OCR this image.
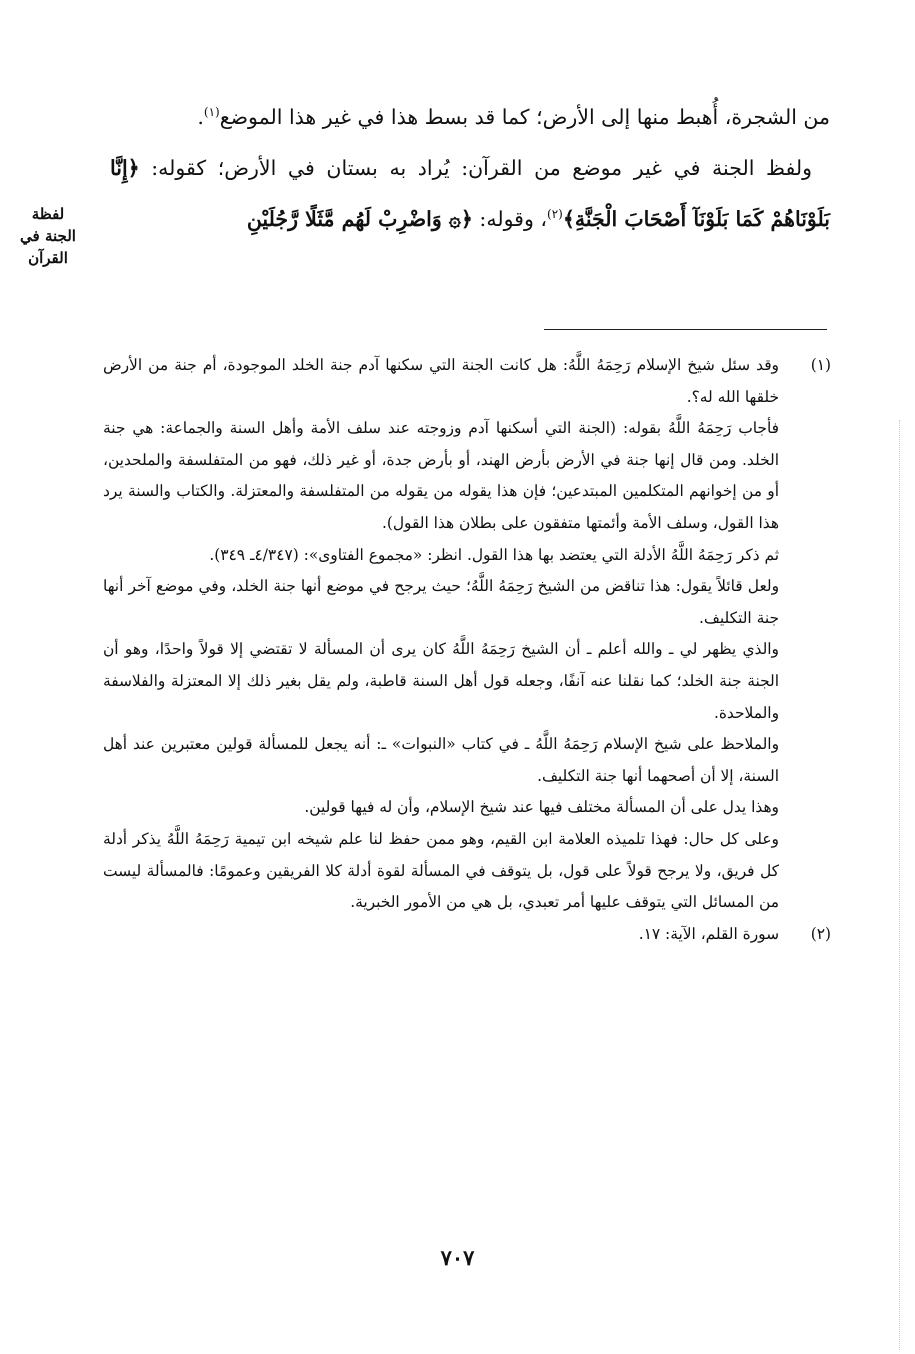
لفظة
الجنة في القرآن

من الشجرة، أُهبط منها إلى الأرض؛ كما قد بسط هذا في غير هذا الموضع$^{(١)}$.

ولفظ الجنة في غير موضع من القرآن: يُراد به بستان في الأرض؛ كقوله: ﴿إِنَّا بَلَوْنَاهُمْ كَمَا بَلَوْنَآ أَصْحَابَ الْجَنَّةِ﴾$^{(٢)}$، وقوله: ﴿۞ وَاضْرِبْ لَهُم مَّثَلًا رَّجُلَيْنِ

(١)

وقد سئل شيخ الإسلام رَحِمَهُ اللَّهُ: هل كانت الجنة التي سكنها آدم جنة الخلد الموجودة، أم جنة من الأرض خلقها الله له؟.

فأجاب رَحِمَهُ اللَّهُ بقوله: (الجنة التي أسكنها آدم وزوجته عند سلف الأمة وأهل السنة والجماعة: هي جنة الخلد. ومن قال إنها جنة في الأرض بأرض الهند، أو بأرض جدة، أو غير ذلك، فهو من المتفلسفة والملحدين، أو من إخوانهم المتكلمين المبتدعين؛ فإن هذا يقوله من يقوله من المتفلسفة والمعتزلة. والكتاب والسنة يرد هذا القول، وسلف الأمة وأئمتها متفقون على بطلان هذا القول).

ثم ذكر رَحِمَهُ اللَّهُ الأدلة التي يعتضد بها هذا القول. انظر: «مجموع الفتاوى»: (٤/٣٤٧ـ ٣٤٩).

ولعل قائلاً يقول: هذا تناقض من الشيخ رَحِمَهُ اللَّهُ؛ حيث يرجح في موضع أنها جنة الخلد، وفي موضع آخر أنها جنة التكليف.

والذي يظهر لي ـ والله أعلم ـ أن الشيخ رَحِمَهُ اللَّهُ كان يرى أن المسألة لا تقتضي إلا قولاً واحدًا، وهو أن الجنة جنة الخلد؛ كما نقلنا عنه آنفًا، وجعله قول أهل السنة قاطبة، ولم يقل بغير ذلك إلا المعتزلة والفلاسفة والملاحدة.

والملاحظ على شيخ الإسلام رَحِمَهُ اللَّهُ ـ في كتاب «النبوات» ـ: أنه يجعل للمسألة قولين معتبرين عند أهل السنة، إلا أن أصحهما أنها جنة التكليف.

وهذا يدل على أن المسألة مختلف فيها عند شيخ الإسلام، وأن له فيها قولين.

وعلى كل حال: فهذا تلميذه العلامة ابن القيم، وهو ممن حفظ لنا علم شيخه ابن تيمية رَحِمَهُ اللَّهُ يذكر أدلة كل فريق، ولا يرجح قولاً على قول، بل يتوقف في المسألة لقوة أدلة كلا الفريقين وعمومًا: فالمسألة ليست من المسائل التي يتوقف عليها أمر تعبدي، بل هي من الأمور الخبرية.

(٢)

سورة القلم، الآية: ١٧.

٧٠٧
